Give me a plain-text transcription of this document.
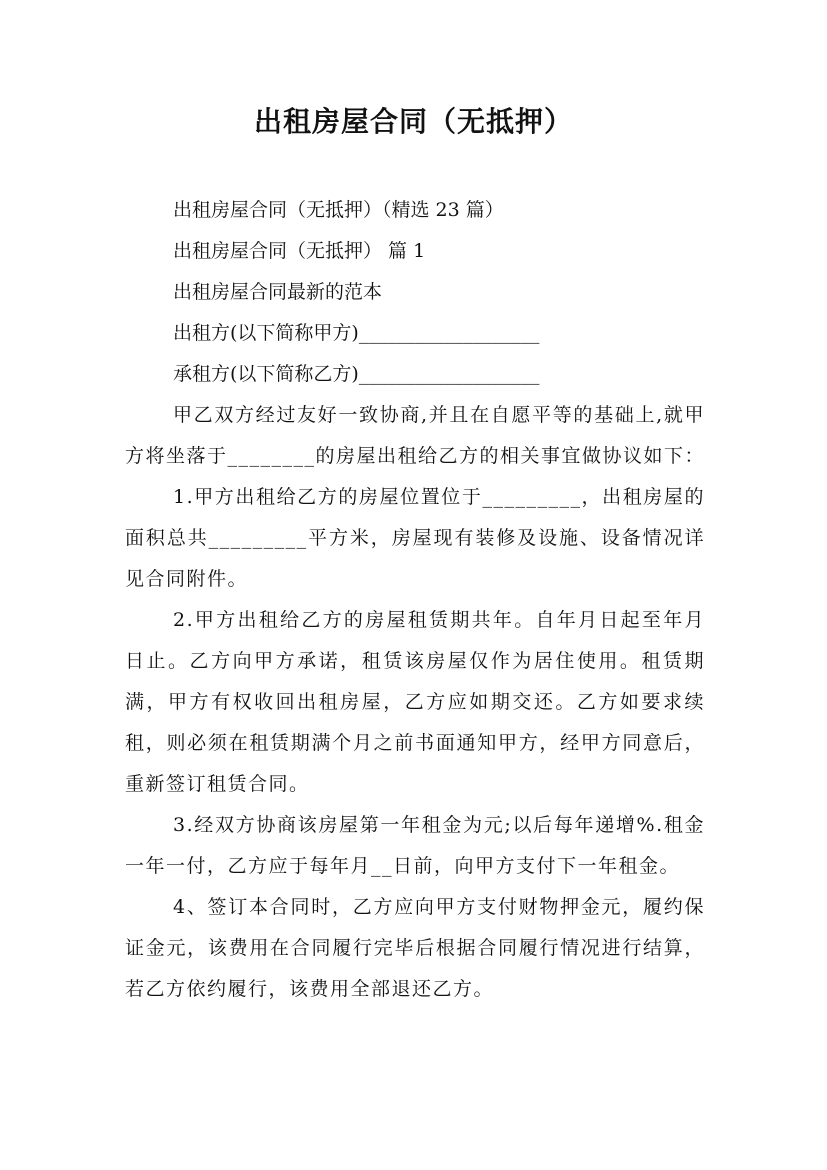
出租房屋合同（无抵押）

出租房屋合同（无抵押）（精选 23 篇）

出租房屋合同（无抵押） 篇 1

出租房屋合同最新的范本

出租方(以下简称甲方)___________________

承租方(以下简称乙方)___________________

甲乙双方经过友好一致协商,并且在自愿平等的基础上,就甲方将坐落于________的房屋出租给乙方的相关事宜做协议如下：

1.甲方出租给乙方的房屋位置位于_________，出租房屋的面积总共_________平方米，房屋现有装修及设施、设备情况详见合同附件。

2.甲方出租给乙方的房屋租赁期共年。自年月日起至年月日止。乙方向甲方承诺，租赁该房屋仅作为居住使用。租赁期满，甲方有权收回出租房屋，乙方应如期交还。乙方如要求续租，则必须在租赁期满个月之前书面通知甲方，经甲方同意后，重新签订租赁合同。

3.经双方协商该房屋第一年租金为元;以后每年递增%.租金一年一付，乙方应于每年月__日前，向甲方支付下一年租金。

4、签订本合同时，乙方应向甲方支付财物押金元，履约保证金元，该费用在合同履行完毕后根据合同履行情况进行结算，若乙方依约履行，该费用全部退还乙方。
